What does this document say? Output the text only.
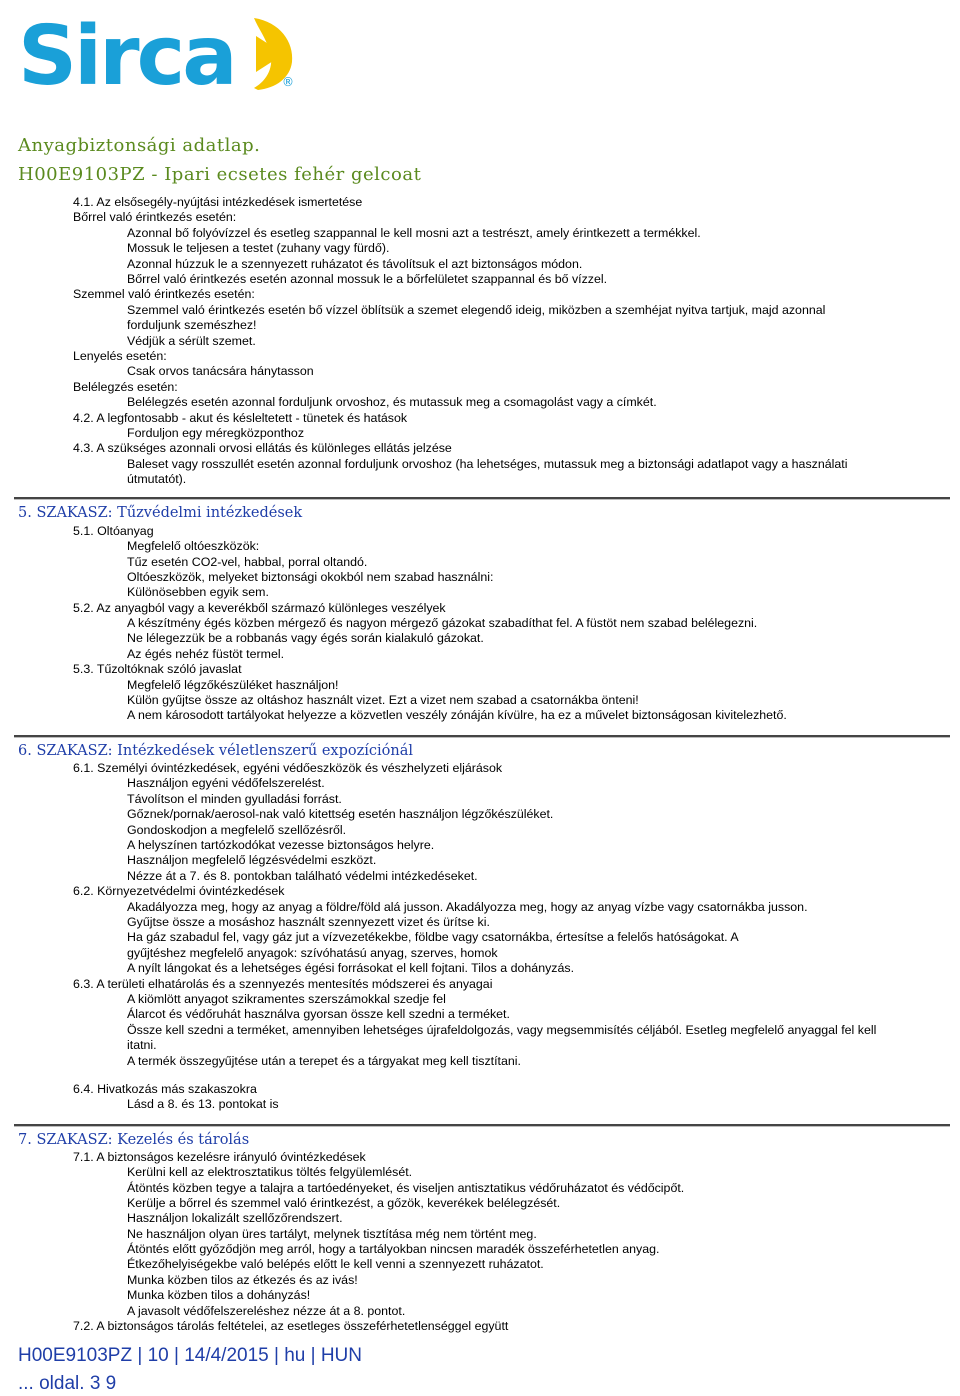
Sirca	®
Anyagbiztonsági adatlap.
H00E9103PZ - Ipari ecsetes fehér gelcoat
4.1. Az elsősegély-nyújtási intézkedések ismertetése
Bőrrel való érintkezés esetén:
Azonnal bő folyóvízzel és esetleg szappannal le kell mosni azt a testrészt, amely érintkezett a termékkel.
Mossuk le teljesen a testet (zuhany vagy fürdő).
Azonnal húzzuk le a szennyezett ruházatot és távolítsuk el azt biztonságos módon.
Bőrrel való érintkezés esetén azonnal mossuk le a bőrfelületet szappannal és bő vízzel.
Szemmel való érintkezés esetén:
Szemmel való érintkezés esetén bő vízzel öblítsük a szemet elegendő ideig, miközben a szemhéjat nyitva tartjuk, majd azonnal
forduljunk szemészhez!
Védjük a sérült szemet.
Lenyelés esetén:
Csak orvos tanácsára hánytasson
Belélegzés esetén:
Belélegzés esetén azonnal forduljunk orvoshoz, és mutassuk meg a csomagolást vagy a címkét.
4.2. A legfontosabb - akut és késleltetett - tünetek és hatások
Forduljon egy méregközponthoz
4.3. A szükséges azonnali orvosi ellátás és különleges ellátás jelzése
Baleset vagy rosszullét esetén azonnal forduljunk orvoshoz (ha lehetséges, mutassuk meg a biztonsági adatlapot vagy a használati
útmutatót).
5. SZAKASZ: Tűzvédelmi intézkedések
5.1. Oltóanyag
Megfelelő oltóeszközök:
Tűz esetén CO2-vel, habbal, porral oltandó.
Oltóeszközök, melyeket biztonsági okokból nem szabad használni:
Különösebben egyik sem.
5.2. Az anyagból vagy a keverékből származó különleges veszélyek
A készítmény égés közben mérgező és nagyon mérgező gázokat szabadíthat fel. A füstöt nem szabad belélegezni.
Ne lélegezzük be a robbanás vagy égés során kialakuló gázokat.
Az égés nehéz füstöt termel.
5.3. Tűzoltóknak szóló javaslat
Megfelelő légzőkészüléket használjon!
Külön gyűjtse össze az oltáshoz használt vizet. Ezt a vizet nem szabad a csatornákba önteni!
A nem károsodott tartályokat helyezze a közvetlen veszély zónáján kívülre, ha ez a művelet biztonságosan kivitelezhető.
6. SZAKASZ: Intézkedések véletlenszerű expozíciónál
6.1. Személyi óvintézkedések, egyéni védőeszközök és vészhelyzeti eljárások
Használjon egyéni védőfelszerelést.
Távolítson el minden gyulladási forrást.
Gőznek/pornak/aerosol-nak való kitettség esetén használjon légzőkészüléket.
Gondoskodjon a megfelelő szellőzésről.
A helyszínen tartózkodókat vezesse biztonságos helyre.
Használjon megfelelő légzésvédelmi eszközt.
Nézze át a 7. és 8. pontokban található védelmi intézkedéseket.
6.2. Környezetvédelmi óvintézkedések
Akadályozza meg, hogy az anyag a földre/föld alá jusson. Akadályozza meg, hogy az anyag vízbe vagy csatornákba jusson.
Gyűjtse össze a mosáshoz használt szennyezett vizet és ürítse ki.
Ha gáz szabadul fel, vagy gáz jut a vízvezetékekbe, földbe vagy csatornákba, értesítse a felelős hatóságokat. A
gyűjtéshez megfelelő anyagok: szívóhatású anyag, szerves, homok
A nyílt lángokat és a lehetséges égési forrásokat el kell fojtani. Tilos a dohányzás.
6.3. A területi elhatárolás és a szennyezés mentesítés módszerei és anyagai
A kiömlött anyagot szikramentes szerszámokkal szedje fel
Álarcot és védőruhát használva gyorsan össze kell szedni a terméket.
Össze kell szedni a terméket, amennyiben lehetséges újrafeldolgozás, vagy megsemmisítés céljából. Esetleg megfelelő anyaggal fel kell
itatni.
A termék összegyűjtése után a terepet és a tárgyakat meg kell tisztítani.
6.4. Hivatkozás más szakaszokra
Lásd a 8. és 13. pontokat is
7. SZAKASZ: Kezelés és tárolás
7.1. A biztonságos kezelésre irányuló óvintézkedések
Kerülni kell az elektrosztatikus töltés felgyülemlését.
Átöntés közben tegye a talajra a tartóedényeket, és viseljen antisztatikus védőruházatot és védőcipőt.
Kerülje a bőrrel és szemmel való érintkezést, a gőzök, keverékek belélegzését.
Használjon lokalizált szellőzőrendszert.
Ne használjon olyan üres tartályt, melynek tisztítása még nem történt meg.
Átöntés előtt győződjön meg arról, hogy a tartályokban nincsen maradék összeférhetetlen anyag.
Étkezőhelyiségekbe való belépés előtt le kell venni a szennyezett ruházatot.
Munka közben tilos az étkezés és az ivás!
Munka közben tilos a dohányzás!
A javasolt védőfelszereléshez nézze át a 8. pontot.
7.2. A biztonságos tárolás feltételei, az esetleges összeférhetetlenséggel együtt
H00E9103PZ | 10 | 14/4/2015 | hu | HUN
... oldal. 3 9
